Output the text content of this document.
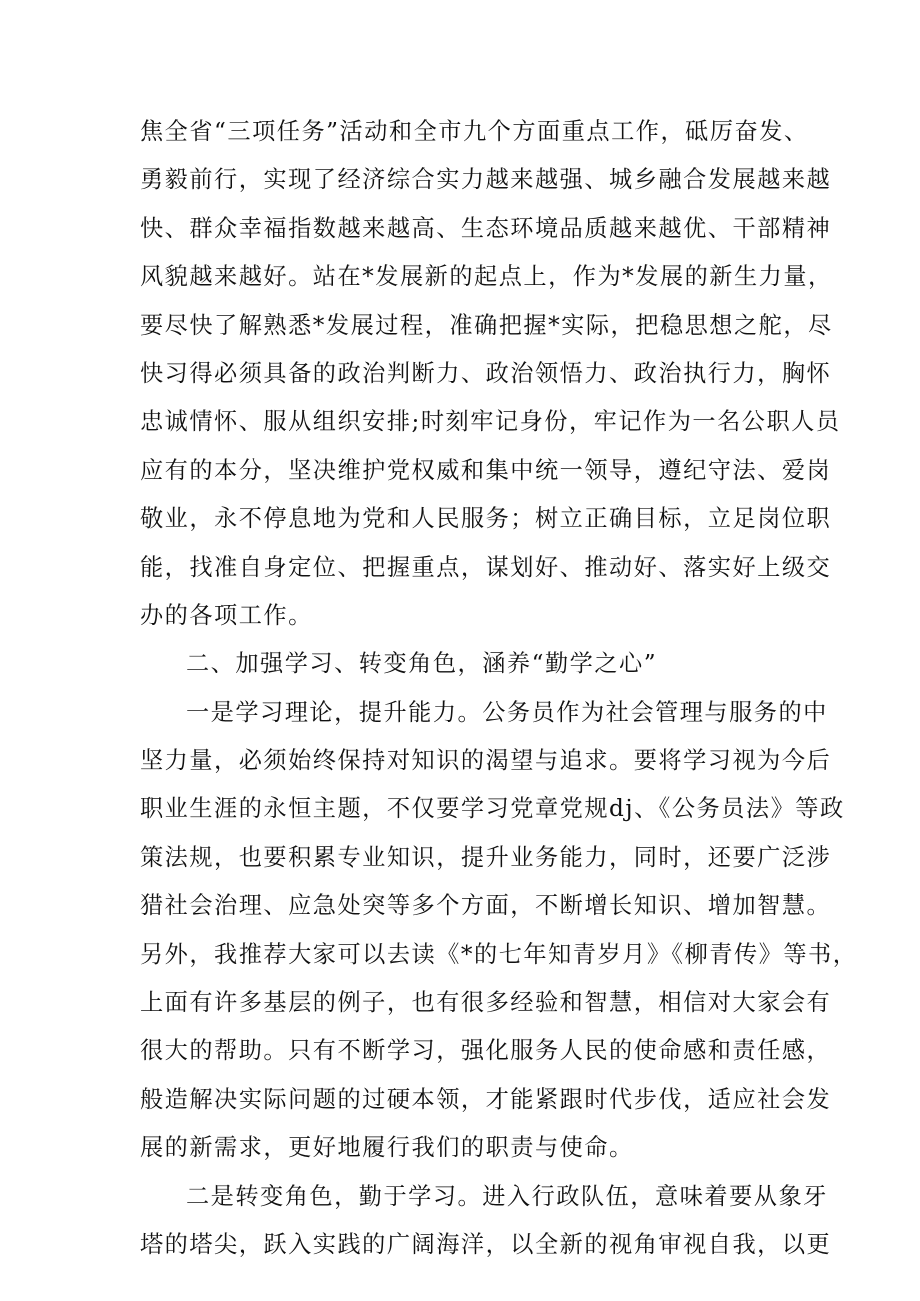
焦全省“三项任务”活动和全市九个方面重点工作，砥厉奋发、
勇毅前行，实现了经济综合实力越来越强、城乡融合发展越来越
快、群众幸福指数越来越高、生态环境品质越来越优、干部精神
风貌越来越好。站在*发展新的起点上，作为*发展的新生力量，
要尽快了解熟悉*发展过程，准确把握*实际，把稳思想之舵，尽
快习得必须具备的政治判断力、政治领悟力、政治执行力，胸怀
忠诚情怀、服从组织安排;时刻牢记身份，牢记作为一名公职人员
应有的本分，坚决维护党权威和集中统一领导，遵纪守法、爱岗
敬业，永不停息地为党和人民服务；树立正确目标，立足岗位职
能，找准自身定位、把握重点，谋划好、推动好、落实好上级交
办的各项工作。
二、加强学习、转变角色，涵养“勤学之心”
一是学习理论，提升能力。公务员作为社会管理与服务的中
坚力量，必须始终保持对知识的渴望与追求。要将学习视为今后
职业生涯的永恒主题，不仅要学习党章党规dj、《公务员法》等政
策法规，也要积累专业知识，提升业务能力，同时，还要广泛涉
猎社会治理、应急处突等多个方面，不断增长知识、增加智慧。
另外，我推荐大家可以去读《*的七年知青岁月》《柳青传》等书，
上面有许多基层的例子，也有很多经验和智慧，相信对大家会有
很大的帮助。只有不断学习，强化服务人民的使命感和责任感，
般造解决实际问题的过硬本领，才能紧跟时代步伐，适应社会发
展的新需求，更好地履行我们的职责与使命。
二是转变角色，勤于学习。进入行政队伍，意味着要从象牙
塔的塔尖，跃入实践的广阔海洋，以全新的视角审视自我，以更
